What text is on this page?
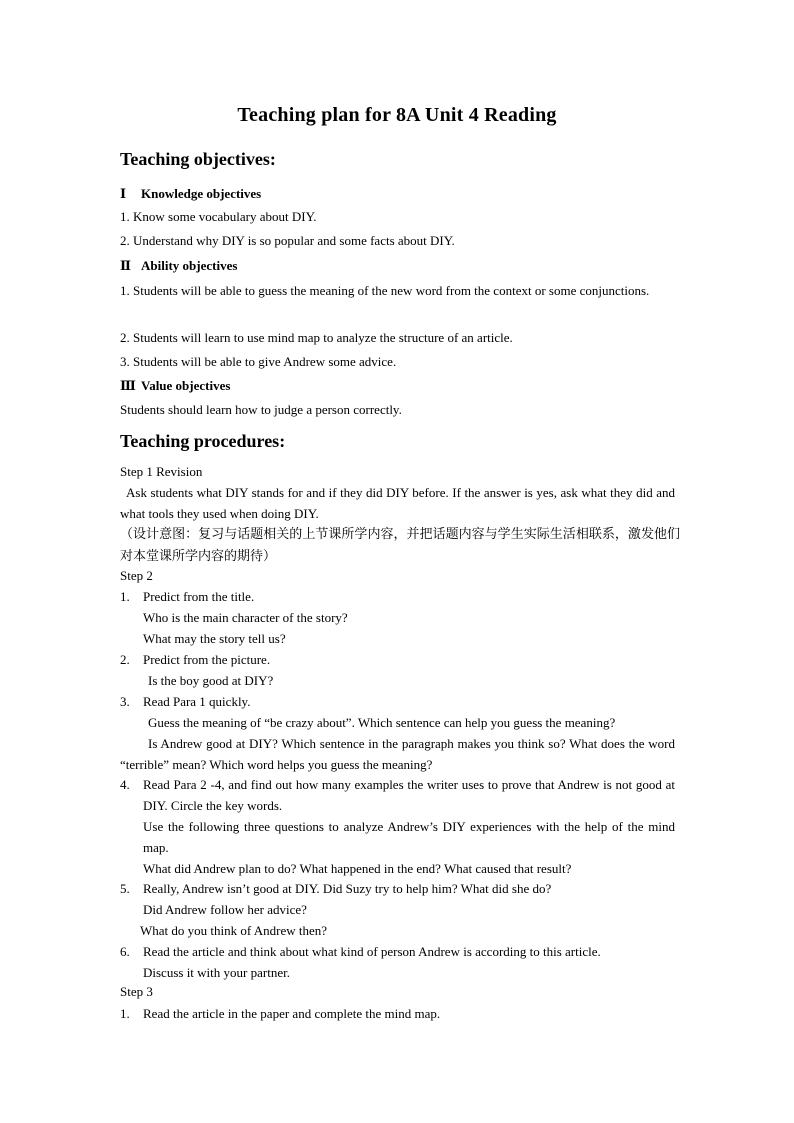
Teaching plan for 8A Unit 4 Reading
Teaching objectives:
Ⅰ Knowledge objectives
1. Know some vocabulary about DIY.
2. Understand why DIY is so popular and some facts about DIY.
Ⅱ Ability objectives
1. Students will be able to guess the meaning of the new word from the context or some conjunctions.
2. Students will learn to use mind map to analyze the structure of an article.
3. Students will be able to give Andrew some advice.
Ⅲ Value objectives
Students should learn how to judge a person correctly.
Teaching procedures:
Step 1 Revision
Ask students what DIY stands for and if they did DIY before. If the answer is yes, ask what they did and what tools they used when doing DIY.
（设计意图：复习与话题相关的上节课所学内容，并把话题内容与学生实际生活相联系，激发他们对本堂课所学内容的期待）
Step 2
1. Predict from the title.
Who is the main character of the story?
What may the story tell us?
2. Predict from the picture.
Is the boy good at DIY?
3. Read Para 1 quickly.
Guess the meaning of “be crazy about”. Which sentence can help you guess the meaning?
Is Andrew good at DIY? Which sentence in the paragraph makes you think so? What does the word “terrible” mean? Which word helps you guess the meaning?
4. Read Para 2 -4, and find out how many examples the writer uses to prove that Andrew is not good at DIY. Circle the key words.
Use the following three questions to analyze Andrew’s DIY experiences with the help of the mind map.
What did Andrew plan to do? What happened in the end? What caused that result?
5. Really, Andrew isn’t good at DIY. Did Suzy try to help him? What did she do?
Did Andrew follow her advice?
What do you think of Andrew then?
6. Read the article and think about what kind of person Andrew is according to this article.
Discuss it with your partner.
Step 3
1. Read the article in the paper and complete the mind map.
